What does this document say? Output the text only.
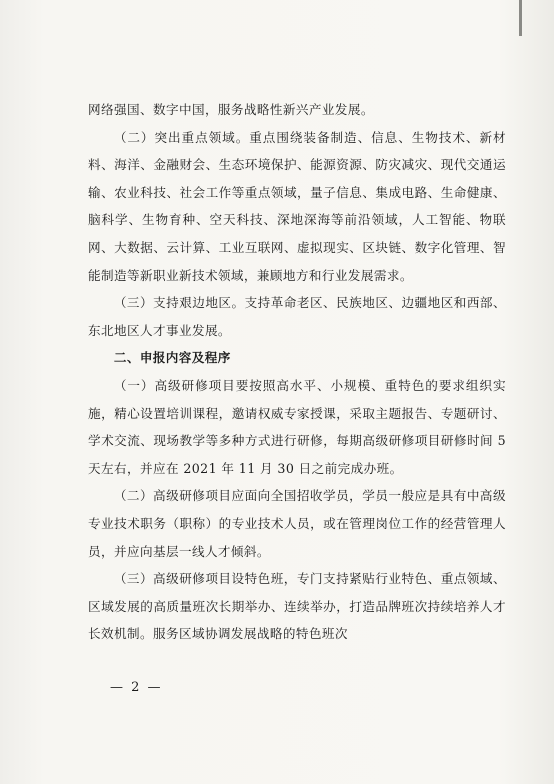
网络强国、数字中国，服务战略性新兴产业发展。

（二）突出重点领域。重点围绕装备制造、信息、生物技术、新材料、海洋、金融财会、生态环境保护、能源资源、防灾减灾、现代交通运输、农业科技、社会工作等重点领域，量子信息、集成电路、生命健康、脑科学、生物育种、空天科技、深地深海等前沿领域，人工智能、物联网、大数据、云计算、工业互联网、虚拟现实、区块链、数字化管理、智能制造等新职业新技术领域，兼顾地方和行业发展需求。

（三）支持艰边地区。支持革命老区、民族地区、边疆地区和西部、东北地区人才事业发展。

二、申报内容及程序

（一）高级研修项目要按照高水平、小规模、重特色的要求组织实施，精心设置培训课程，邀请权威专家授课，采取主题报告、专题研讨、学术交流、现场教学等多种方式进行研修，每期高级研修项目研修时间 5 天左右，并应在 2021 年 11 月 30 日之前完成办班。

（二）高级研修项目应面向全国招收学员，学员一般应是具有中高级专业技术职务（职称）的专业技术人员，或在管理岗位工作的经营管理人员，并应向基层一线人才倾斜。

（三）高级研修项目设特色班，专门支持紧贴行业特色、重点领域、区域发展的高质量班次长期举办、连续举办，打造品牌班次持续培养人才长效机制。服务区域协调发展战略的特色班次

— 2 —
